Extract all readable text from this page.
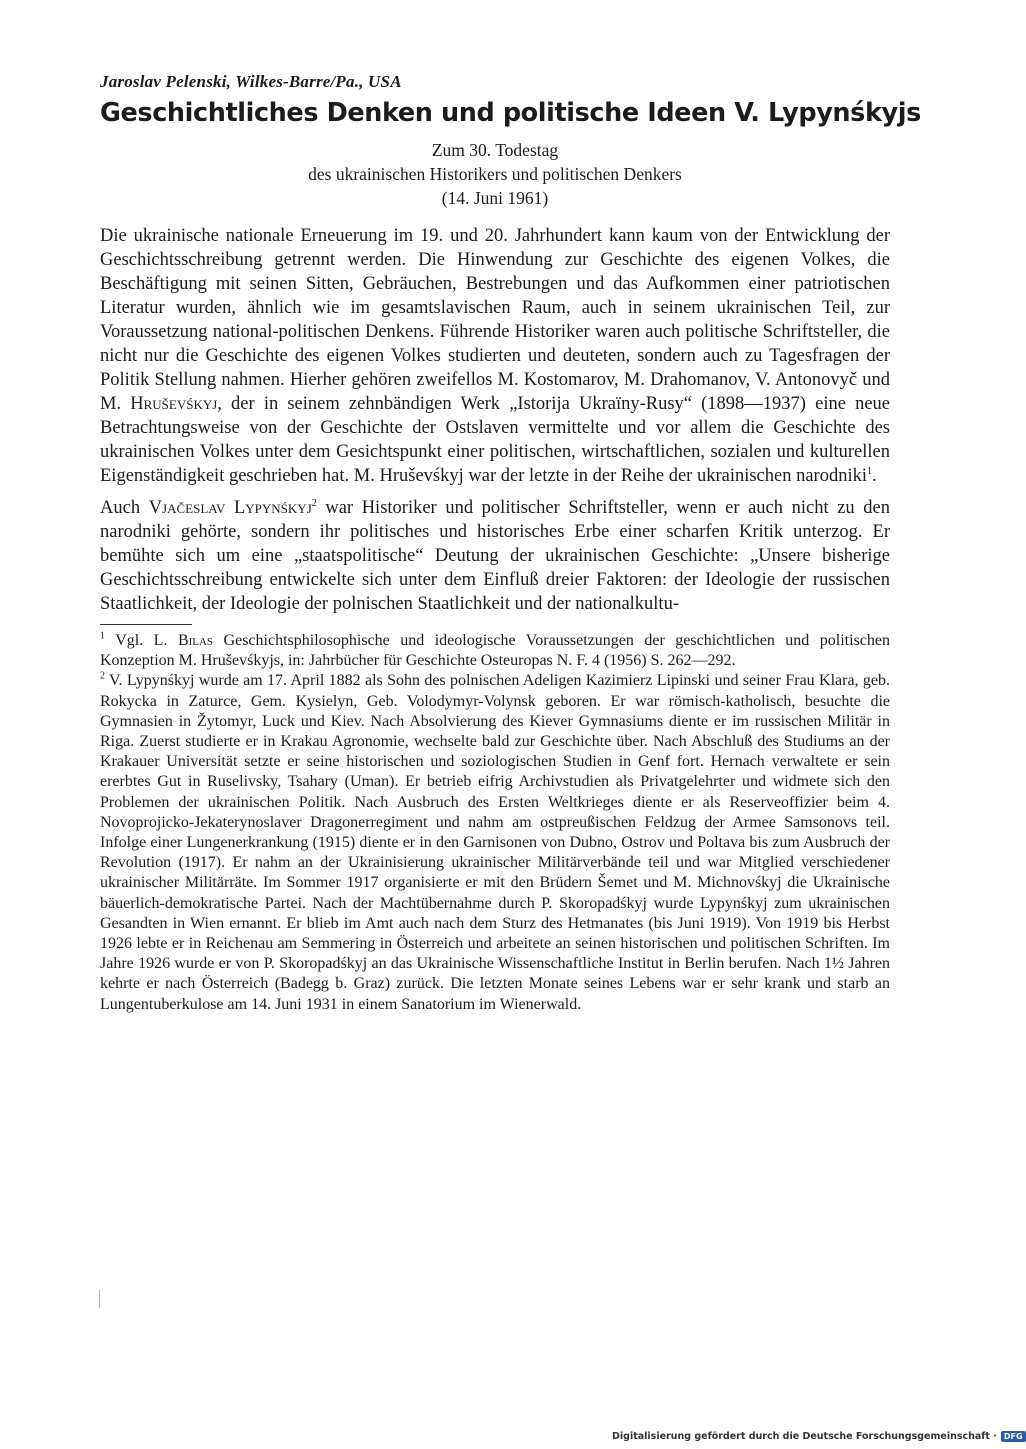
Jaroslav Pelenski, Wilkes-Barre/Pa., USA

Geschichtliches Denken und politische Ideen V. Lypynśkyjs
Zum 30. Todestag
des ukrainischen Historikers und politischen Denkers
(14. Juni 1961)

Die ukrainische nationale Erneuerung im 19. und 20. Jahrhundert kann kaum von der Entwicklung der Geschichtsschreibung getrennt werden. Die Hinwendung zur Geschichte des eigenen Volkes, die Beschäftigung mit seinen Sitten, Gebräuchen, Bestrebungen und das Aufkommen einer patriotischen Literatur wurden, ähnlich wie im gesamtslavischen Raum, auch in seinem ukrainischen Teil, zur Voraussetzung national-politischen Denkens. Führende Historiker waren auch politische Schriftsteller, die nicht nur die Geschichte des eigenen Volkes studierten und deuteten, sondern auch zu Tagesfragen der Politik Stellung nahmen. Hierher gehören zweifellos M. Kostomarov, M. Drahomanov, V. Antonovyč und M. Hruševśkyj, der in seinem zehnbändigen Werk „Istorija Ukraïny-Rusy“ (1898—1937) eine neue Betrachtungsweise von der Geschichte der Ostslaven vermittelte und vor allem die Geschichte des ukrainischen Volkes unter dem Gesichtspunkt einer politischen, wirtschaftlichen, sozialen und kulturellen Eigenständigkeit geschrieben hat. M. Hruševśkyj war der letzte in der Reihe der ukrainischen narodniki$^1$.

Auch Vjačeslav Lypynśkyj$^2$ war Historiker und politischer Schriftsteller, wenn er auch nicht zu den narodniki gehörte, sondern ihr politisches und historisches Erbe einer scharfen Kritik unterzog. Er bemühte sich um eine „staatspolitische“ Deutung der ukrainischen Geschichte: „Unsere bisherige Geschichtsschreibung entwickelte sich unter dem Einfluß dreier Faktoren: der Ideologie der russischen Staatlichkeit, der Ideologie der polnischen Staatlichkeit und der nationalkultu-

$^1$ Vgl. L. Bilas Geschichtsphilosophische und ideologische Voraussetzungen der geschichtlichen und politischen Konzeption M. Hruševśkyjs, in: Jahrbücher für Geschichte Osteuropas N. F. 4 (1956) S. 262—292.

$^2$ V. Lypynśkyj wurde am 17. April 1882 als Sohn des polnischen Adeligen Kazimierz Lipinski und seiner Frau Klara, geb. Rokycka in Zaturce, Gem. Kysielyn, Geb. Volodymyr-Volynsk geboren. Er war römisch-katholisch, besuchte die Gymnasien in Žytomyr, Luck und Kiev. Nach Absolvierung des Kiever Gymnasiums diente er im russischen Militär in Riga. Zuerst studierte er in Krakau Agronomie, wechselte bald zur Geschichte über. Nach Abschluß des Studiums an der Krakauer Universität setzte er seine historischen und soziologischen Studien in Genf fort. Hernach verwaltete er sein ererbtes Gut in Ruselivsky, Tsahary (Uman). Er betrieb eifrig Archivstudien als Privatgelehrter und widmete sich den Problemen der ukrainischen Politik. Nach Ausbruch des Ersten Weltkrieges diente er als Reserveoffizier beim 4. Novoprojicko-Jekaterynoslaver Dragonerregiment und nahm am ostpreußischen Feldzug der Armee Samsonovs teil. Infolge einer Lungenerkrankung (1915) diente er in den Garnisonen von Dubno, Ostrov und Poltava bis zum Ausbruch der Revolution (1917). Er nahm an der Ukrainisierung ukrainischer Militärverbände teil und war Mitglied verschiedener ukrainischer Militärräte. Im Sommer 1917 organisierte er mit den Brüdern Šemet und M. Michnovśkyj die Ukrainische bäuerlich-demokratische Partei. Nach der Machtübernahme durch P. Skoropadśkyj wurde Lypynśkyj zum ukrainischen Gesandten in Wien ernannt. Er blieb im Amt auch nach dem Sturz des Hetmanates (bis Juni 1919). Von 1919 bis Herbst 1926 lebte er in Reichenau am Semmering in Österreich und arbeitete an seinen historischen und politischen Schriften. Im Jahre 1926 wurde er von P. Skoropadśkyj an das Ukrainische Wissenschaftliche Institut in Berlin berufen. Nach 1½ Jahren kehrte er nach Österreich (Badegg b. Graz) zurück. Die letzten Monate seines Lebens war er sehr krank und starb an Lungentuberkulose am 14. Juni 1931 in einem Sanatorium im Wienerwald.

Digitalisierung gefördert durch die Deutsche Forschungsgemeinschaft · DFG
